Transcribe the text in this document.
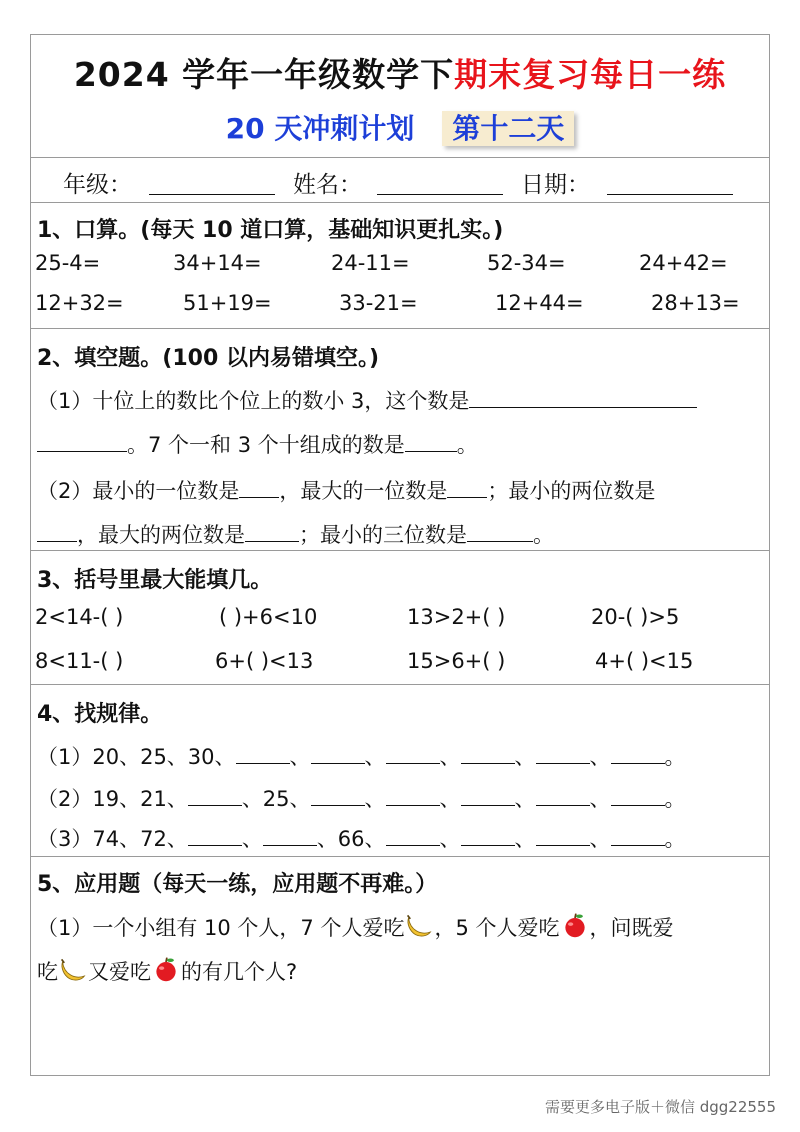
2024 学年一年级数学下期末复习每日一练
20 天冲刺计划 第十二天
年级：	姓名：	日期：
1、口算。(每天 10 道口算，基础知识更扎实。)
25-4=	34+14=	24-11=	52-34=	24+42=
12+32=	51+19=	33-21=	12+44=	28+13=
2、填空题。(100 以内易错填空。)
（1）十位上的数比个位上的数小 3，这个数是
。7 个一和 3 个十组成的数是 。
（2）最小的一位数是 ，最大的一位数是 ；最小的两位数是
，最大的两位数是	；最小的三位数是	。
3、括号里最大能填几。
2<14-( )	( )+6<10	13>2+( )	20-( )>5
8<11-( )	6+( )<13	15>6+( )	4+( )<15
4、找规律。
（1）20、25、30、	、	、	、	、	、	。
（2）19、21、	、25、	、	、	、	、	。
（3）74、72、	、	、66、	、	、	、	。
5、应用题（每天一练，应用题不再难。）
（1）一个小组有 10 个人，7 个人爱吃 ，5 个人爱吃 ，问既爱
吃 又爱吃 的有几个人?
需要更多电子版＋微信 dgg22555
